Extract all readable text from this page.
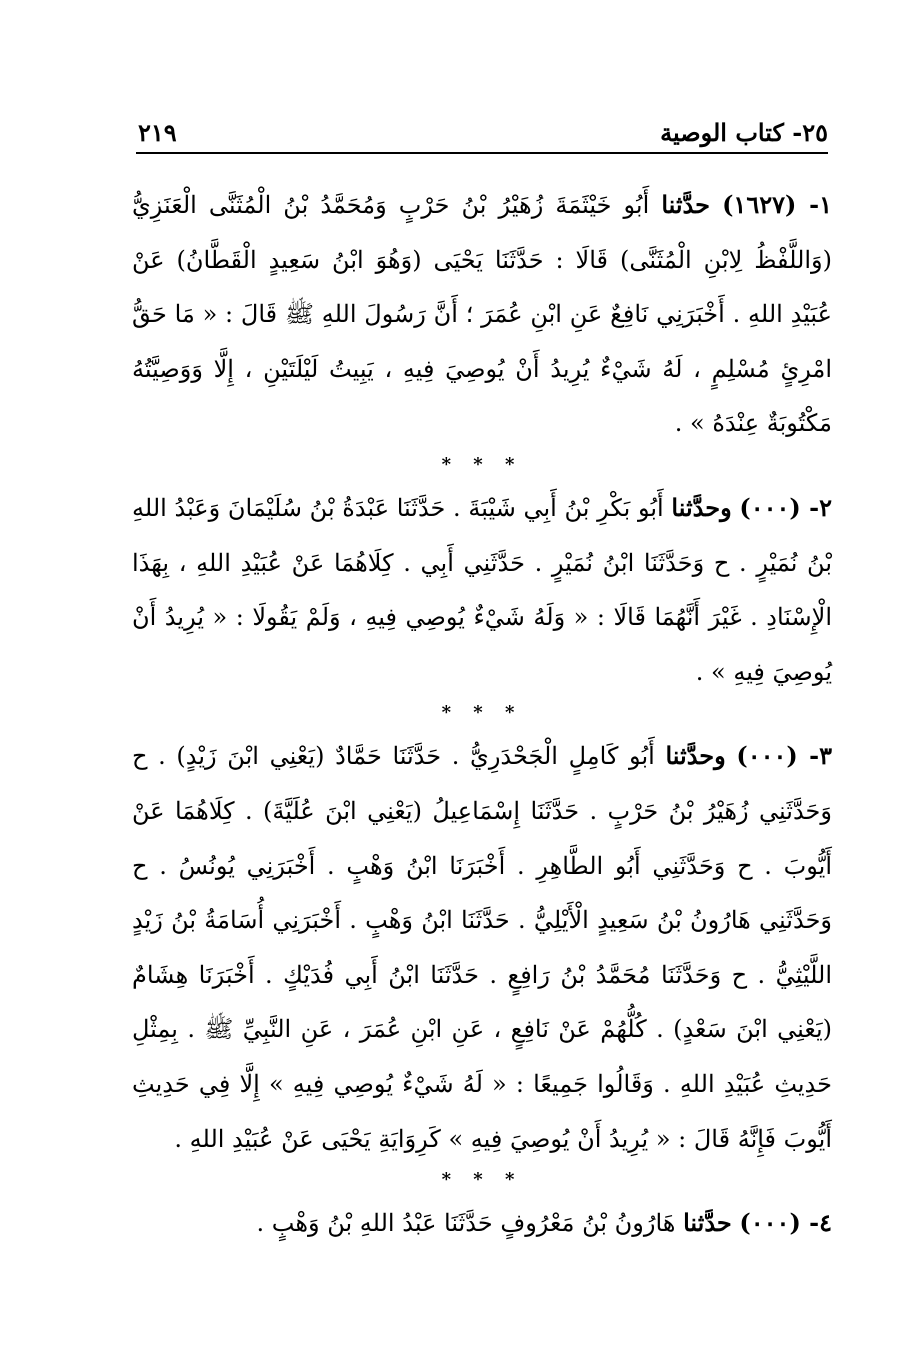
٢٥- كتاب الوصية
٢١٩

١- (١٦٢٧) حدَّثنا أَبُو خَيْثَمَةَ زُهَيْرُ بْنُ حَرْبٍ وَمُحَمَّدُ بْنُ الْمُثَنَّى الْعَنَزِيُّ (وَاللَّفْظُ لِابْنِ الْمُثَنَّى) قَالَا : حَدَّثَنَا يَحْيَى (وَهُوَ ابْنُ سَعِيدٍ الْقَطَّانُ) عَنْ عُبَيْدِ اللهِ . أَخْبَرَنِي نَافِعٌ عَنِ ابْنِ عُمَرَ ؛ أَنَّ رَسُولَ اللهِ ﷺ قَالَ : « مَا حَقُّ امْرِئٍ مُسْلِمٍ ، لَهُ شَيْءٌ يُرِيدُ أَنْ يُوصِيَ فِيهِ ، يَبِيتُ لَيْلَتَيْنِ ، إِلَّا وَوَصِيَّتُهُ مَكْتُوبَةٌ عِنْدَهُ » .

* * *

٢- (٠٠٠) وحدَّثنا أَبُو بَكْرِ بْنُ أَبِي شَيْبَةَ . حَدَّثَنَا عَبْدَةُ بْنُ سُلَيْمَانَ وَعَبْدُ اللهِ بْنُ نُمَيْرٍ . ح وَحَدَّثَنَا ابْنُ نُمَيْرٍ . حَدَّثَنِي أَبِي . كِلَاهُمَا عَنْ عُبَيْدِ اللهِ ، بِهَذَا الْإِسْنَادِ . غَيْرَ أَنَّهُمَا قَالَا : « وَلَهُ شَيْءٌ يُوصِي فِيهِ ، وَلَمْ يَقُولَا : « يُرِيدُ أَنْ يُوصِيَ فِيهِ » .

* * *

٣- (٠٠٠) وحدَّثنا أَبُو كَامِلٍ الْجَحْدَرِيُّ . حَدَّثَنَا حَمَّادٌ (يَعْنِي ابْنَ زَيْدٍ) . ح وَحَدَّثَنِي زُهَيْرُ بْنُ حَرْبٍ . حَدَّثَنَا إِسْمَاعِيلُ (يَعْنِي ابْنَ عُلَيَّةَ) . كِلَاهُمَا عَنْ أَيُّوبَ . ح وَحَدَّثَنِي أَبُو الطَّاهِرِ . أَخْبَرَنَا ابْنُ وَهْبٍ . أَخْبَرَنِي يُونُسُ . ح وَحَدَّثَنِي هَارُونُ بْنُ سَعِيدٍ الْأَيْلِيُّ . حَدَّثَنَا ابْنُ وَهْبٍ . أَخْبَرَنِي أُسَامَةُ بْنُ زَيْدٍ اللَّيْثِيُّ . ح وَحَدَّثَنَا مُحَمَّدُ بْنُ رَافِعٍ . حَدَّثَنَا ابْنُ أَبِي فُدَيْكٍ . أَخْبَرَنَا هِشَامٌ (يَعْنِي ابْنَ سَعْدٍ) . كُلُّهُمْ عَنْ نَافِعٍ ، عَنِ ابْنِ عُمَرَ ، عَنِ النَّبِيِّ ﷺ . بِمِثْلِ حَدِيثِ عُبَيْدِ اللهِ . وَقَالُوا جَمِيعًا : « لَهُ شَيْءٌ يُوصِي فِيهِ » إِلَّا فِي حَدِيثِ أَيُّوبَ فَإِنَّهُ قَالَ : « يُرِيدُ أَنْ يُوصِيَ فِيهِ » كَرِوَايَةِ يَحْيَى عَنْ عُبَيْدِ اللهِ .

* * *

٤- (٠٠٠) حدَّثنا هَارُونُ بْنُ مَعْرُوفٍ حَدَّثَنَا عَبْدُ اللهِ بْنُ وَهْبٍ .
